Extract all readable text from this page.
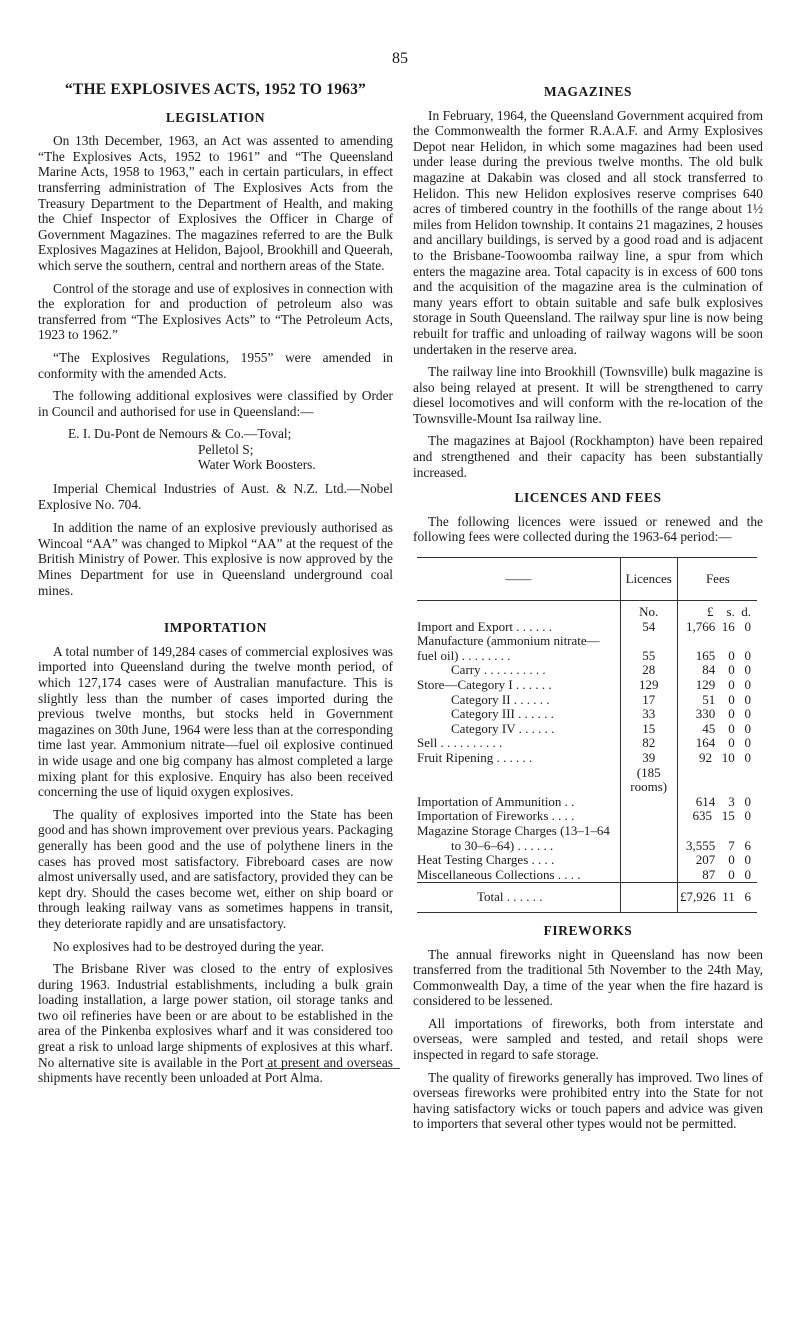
85
“THE EXPLOSIVES ACTS, 1952 TO 1963”
LEGISLATION

On 13th December, 1963, an Act was assented to amending “The Explosives Acts, 1952 to 1961” and “The Queensland Marine Acts, 1958 to 1963,” each in certain particulars, in effect transferring administration of The Explosives Acts from the Treasury Department to the Department of Health, and making the Chief Inspector of Explosives the Officer in Charge of Government Magazines. The magazines referred to are the Bulk Explosives Magazines at Helidon, Bajool, Brookhill and Queerah, which serve the southern, central and northern areas of the State.

Control of the storage and use of explosives in connection with the exploration for and production of petroleum also was transferred from “The Explosives Acts” to “The Petroleum Acts, 1923 to 1962.”

“The Explosives Regulations, 1955” were amended in conformity with the amended Acts.

The following additional explosives were classified by Order in Council and authorised for use in Queensland:—

E. I. Du-Pont de Nemours & Co.—Toval;
Pelletol S;
Water Work Boosters.
Imperial Chemical Industries of Aust. & N.Z. Ltd.—Nobel Explosive No. 704.

In addition the name of an explosive previously authorised as Wincoal “AA” was changed to Mipkol “AA” at the request of the British Ministry of Power. This explosive is now approved by the Mines Department for use in Queensland underground coal mines.

IMPORTATION

A total number of 149,284 cases of commercial explosives was imported into Queensland during the twelve month period, of which 127,174 cases were of Australian manufacture. This is slightly less than the number of cases imported during the previous twelve months, but stocks held in Government magazines on 30th June, 1964 were less than at the corresponding time last year. Ammonium nitrate—fuel oil explosive continued in wide usage and one big company has almost completed a large mixing plant for this explosive. Enquiry has also been received concerning the use of liquid oxygen explosives.

The quality of explosives imported into the State has been good and has shown improvement over previous years. Packaging generally has been good and the use of polythene liners in the cases has proved most satisfactory. Fibreboard cases are now almost universally used, and are satisfactory, provided they can be kept dry. Should the cases become wet, either on ship board or through leaking railway vans as sometimes happens in transit, they deteriorate rapidly and are unsatisfactory.

No explosives had to be destroyed during the year.

The Brisbane River was closed to the entry of explosives during 1963. Industrial establishments, including a bulk grain loading installation, a large power station, oil storage tanks and two oil refineries have been or are about to be established in the area of the Pinkenba explosives wharf and it was considered too great a risk to unload large shipments of explosives at this wharf. No alternative site is available in the Port at present and overseas shipments have recently been unloaded at Port Alma.

MAGAZINES

In February, 1964, the Queensland Government acquired from the Commonwealth the former R.A.A.F. and Army Explosives Depot near Helidon, in which some magazines had been used under lease during the previous twelve months. The old bulk magazine at Dakabin was closed and all stock transferred to Helidon. This new Helidon explosives reserve comprises 640 acres of timbered country in the foothills of the range about 1½ miles from Helidon township. It contains 21 magazines, 2 houses and ancillary buildings, is served by a good road and is adjacent to the Brisbane-Toowoomba railway line, a spur from which enters the magazine area. Total capacity is in excess of 600 tons and the acquisition of the magazine area is the culmination of many years effort to obtain suitable and safe bulk explosives storage in South Queensland. The railway spur line is now being rebuilt for traffic and unloading of railway wagons will be soon undertaken in the reserve area.

The railway line into Brookhill (Townsville) bulk magazine is also being relayed at present. It will be strengthened to carry diesel locomotives and will conform with the re-location of the Townsville-Mount Isa railway line.

The magazines at Bajool (Rockhampton) have been repaired and strengthened and their capacity has been substantially increased.

LICENCES AND FEES

The following licences were issued or renewed and the following fees were collected during the 1963-64 period:—

——	Licences	Fees
	No.	£    s.  d.
Import and Export . . . . . .	54	1,766  16   0
Manufacture (ammonium nitrate—		
fuel oil) . . . . . . . .	55	165    0   0
Carry . . . . . . . . . .	28	84    0   0
Store—Category I . . . . . .	129	129    0   0
Category II . . . . . .	17	51    0   0
Category III . . . . . .	33	330    0   0
Category IV . . . . . .	15	45    0   0
Sell . . . . . . . . . .	82	164    0   0
Fruit Ripening . . . . . .	39	92   10   0
	(185 rooms)	
Importation of Ammunition . .		614    3   0
Importation of Fireworks . . . .		635   15   0
Magazine Storage Charges (13–1–64		
to 30–6–64) . . . . . .		3,555    7   6
Heat Testing Charges . . . .		207    0   0
Miscellaneous Collections . . . .		87    0   0
Total . . . . . .		£7,926  11   6
FIREWORKS

The annual fireworks night in Queensland has now been transferred from the traditional 5th November to the 24th May, Commonwealth Day, a time of the year when the fire hazard is considered to be lessened.

All importations of fireworks, both from interstate and overseas, were sampled and tested, and retail shops were inspected in regard to safe storage.

The quality of fireworks generally has improved. Two lines of overseas fireworks were prohibited entry into the State for not having satisfactory wicks or touch papers and advice was given to importers that several other types would not be permitted.
